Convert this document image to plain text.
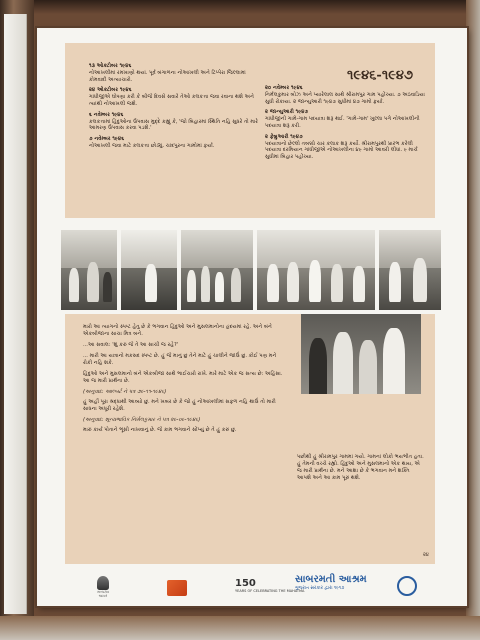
૧૯૪૬-૧૯૪૭
૧૩ ઓક્ટોબર ૧૯૪૬
નોઆખલીમાં રમખાણો થયાં. પૂર્વ બંગાળના નોઆખલી અને ટિપ્પેરા જિલ્લામાં કોમવાદી અત્યાચારો.
૨૪ ઓક્ટોબર ૧૯૪૬
ગાંધીજીએ ઘોષણા કરી કે બીજે દિવસે સવારે તેઓ કલકત્તા જવા રવાના થશે અને ત્યાંથી નોઆખલી જશે.
૬ નવેમ્બર ૧૯૪૬
કલકત્તામાં હિંદુઓના ઉપવાસ મુદ્દે કહ્યું કે, 'જો બિહારમાં સ્થિતિ નહિ સુધરે તો મારે આમરણ ઉપવાસ કરવા પડશે.'
૭ નવેમ્બર ૧૯૪૬
નોઆખલી જવા માટે કલકત્તા છોડ્યું. ચાંદપુરના ગામોમાં ફર્યા.
૨૦ નવેમ્બર ૧૯૪૬
નિર્મલકુમાર બોઝ અને પ્યારેલાલ સાથે શ્રીરામપુર ગામ પહોંચ્યા. ૭ અઠવાડિયા સુધી રોકાયા. ૨ જાન્યુઆરી ૧૯૪૭ સુધીમાં ૪૭ ગામો ફર્યા.
૨ જાન્યુઆરી ૧૯૪૭
ગાંધીજીની ગામે-ગામ પદયાત્રા શરૂ થઈ. 'ગામે-ગામ' ખુલ્લા પગે નોઆખલીની પદયાત્રા શરૂ કરી.
૨ ફેબ્રુઆરી ૧૯૪૭
પદયાત્રાનો છેલ્લો તબક્કો ચાર કલાક શરૂ કર્યો. શ્રીરામપુરથી પ્રારંભ કરેલી પદયાત્રા દરમિયાન ગાંધીજીએ નોઆખલીના ૪૯ ગામો આવરી લીધાં. ૯ માર્ચ સુધીમાં બિહાર પહોંચ્યા.

મારો આ ત્યાગનો સ્પષ્ટ હેતુ છે કે ભગવાન હિંદુઓ અને મુસલમાનોના હૃદયમાં રહે. અને બંને એકબીજાના સાચા મિત્ર બને.

...આ સવાલ: 'શું કરું જે તે આ સાચી જ રહે?'

... મારી આ યાત્રાનો મકસદ સ્પષ્ટ છે. હું જે માનું છું તેને માટે હું ચાલીને જાઉં છું. કોઈ પણ મને રોકી નહિ શકે.

હિંદુઓ અને મુસલમાનો બંને એકબીજા સાથે ભાઈચારો રાખે. મારે માટે એક જ સત્ય છે: અહિંસા. આ જ મારી પ્રાર્થના છે.

(અનુવાદ: આલ્બર્ટ ને પત્ર ૭૯-૧૧-૧૯૪૬)

હું અહીં પૂરા શ્રદ્ધાથી આવ્યો છું. મને ખબર છે કે જો હું નોઆખલીમાં સફળ નહિ થાઉં તો મારી સાધના અધૂરી રહેશે.

(અનુવાદ: શૂન્યભાવિક નિર્મલકુમાર ને પત્ર ૨૯-૦૯-૧૯૪૬)

મારું કાર્ય પોતાને ભૂંસી નાખવાનું છે. જે કામ ભગવાને સોંપ્યું છે તે હું કરું છું.

પછીથી હું શ્રીરામપુર ગામમાં ગયો. ગામનાં લોકો ભયભીત હતા. હું તેમની વચ્ચે રહ્યો. હિંદુઓ અને મુસલમાનો એક થાય, એ જ મારી પ્રાર્થના છે. મને આશા છે કે ભગવાન મને શક્તિ આપશે અને આ કામ પૂરું થશે.
૨૪
સત્યમેવ જયતે
150
YEARS OF CELEBRATING THE MAHATMA
સાબરમતી આશ્રમ
ગુજરાત સરકાર દ્વારા ૧૯૧૭
